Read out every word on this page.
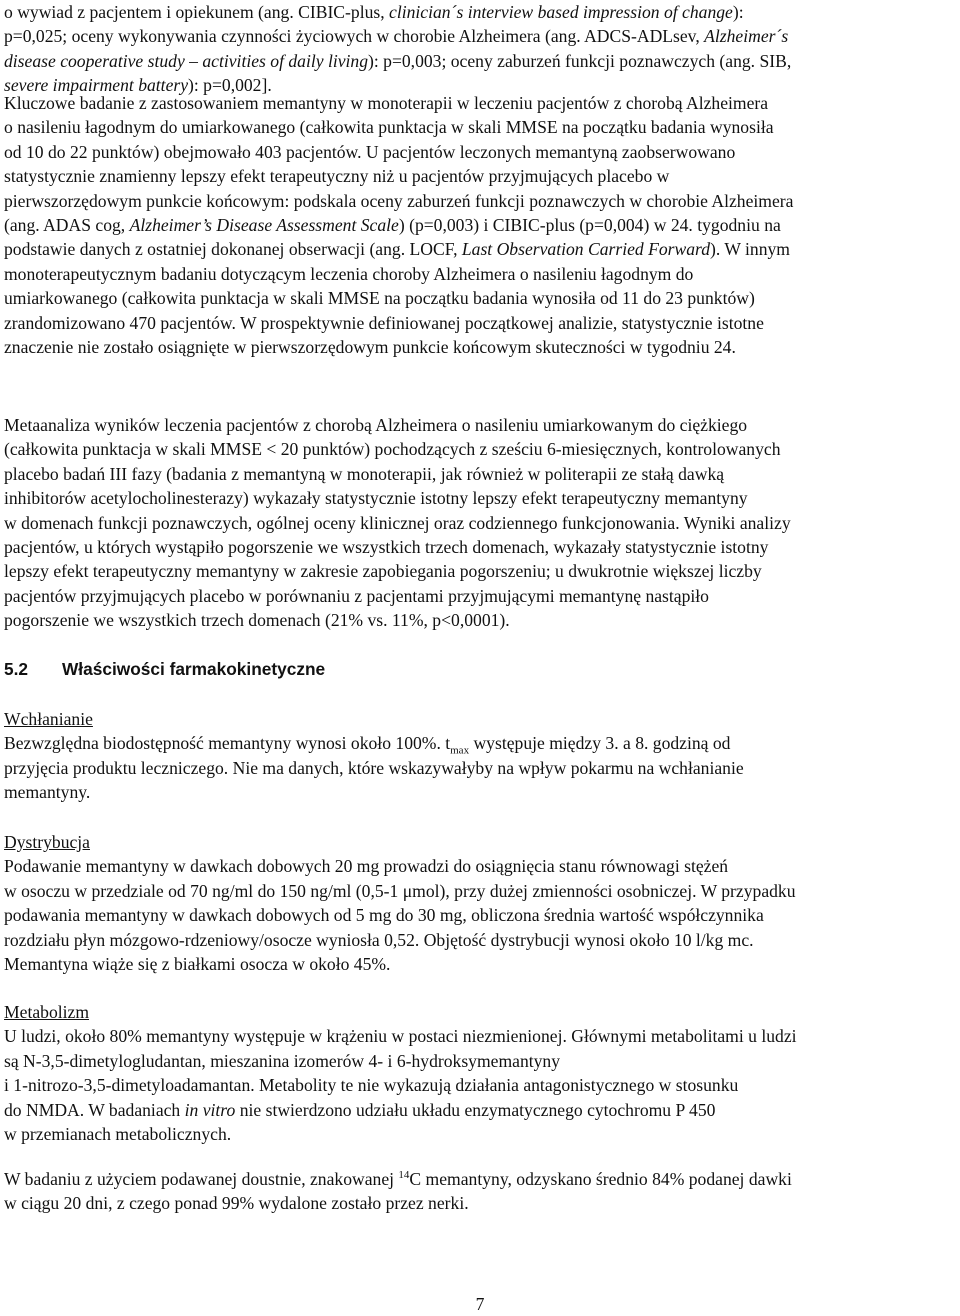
o wywiad z pacjentem i opiekunem (ang. CIBIC-plus, clinician´s interview based impression of change):
p=0,025; oceny wykonywania czynności życiowych w chorobie Alzheimera (ang. ADCS-ADLsev, Alzheimer´s
disease cooperative study – activities of daily living): p=0,003; oceny zaburzeń funkcji poznawczych (ang. SIB,
severe impairment battery): p=0,002].
Kluczowe badanie z zastosowaniem memantyny w monoterapii w leczeniu pacjentów z chorobą Alzheimera
o nasileniu łagodnym do umiarkowanego (całkowita punktacja w skali MMSE na początku badania wynosiła
od 10 do 22 punktów) obejmowało 403 pacjentów. U pacjentów leczonych memantyną zaobserwowano
statystycznie znamienny lepszy efekt terapeutyczny niż u pacjentów przyjmujących placebo w
pierwszorzędowym punkcie końcowym: podskala oceny zaburzeń funkcji poznawczych w chorobie Alzheimera
(ang. ADAS cog, Alzheimer’s Disease Assessment Scale) (p=0,003) i CIBIC-plus (p=0,004) w 24. tygodniu na
podstawie danych z ostatniej dokonanej obserwacji (ang. LOCF, Last Observation Carried Forward). W innym
monoterapeutycznym badaniu dotyczącym leczenia choroby Alzheimera o nasileniu łagodnym do
umiarkowanego (całkowita punktacja w skali MMSE na początku badania wynosiła od 11 do 23 punktów)
zrandomizowano 470 pacjentów. W prospektywnie definiowanej początkowej analizie, statystycznie istotne
znaczenie nie zostało osiągnięte w pierwszorzędowym punkcie końcowym skuteczności w tygodniu 24.
Metaanaliza wyników leczenia pacjentów z chorobą Alzheimera o nasileniu umiarkowanym do ciężkiego
(całkowita punktacja w skali MMSE < 20 punktów) pochodzących z sześciu 6-miesięcznych, kontrolowanych
placebo badań III fazy (badania z memantyną w monoterapii, jak również w politerapii ze stałą dawką
inhibitorów acetylocholinesterazy) wykazały statystycznie istotny lepszy efekt terapeutyczny memantyny
w domenach funkcji poznawczych, ogólnej oceny klinicznej oraz codziennego funkcjonowania. Wyniki analizy
pacjentów, u których wystąpiło pogorszenie we wszystkich trzech domenach, wykazały statystycznie istotny
lepszy efekt terapeutyczny memantyny w zakresie zapobiegania pogorszeniu; u dwukrotnie większej liczby
pacjentów przyjmujących placebo w porównaniu z pacjentami przyjmującymi memantynę nastąpiło
pogorszenie we wszystkich trzech domenach (21% vs. 11%, p<0,0001).
5.2 Właściwości farmakokinetyczne
Wchłanianie
Bezwzględna biodostępność memantyny wynosi około 100%. $t_{max}$ występuje między 3. a 8. godziną od
przyjęcia produktu leczniczego. Nie ma danych, które wskazywałyby na wpływ pokarmu na wchłanianie
memantyny.
Dystrybucja
Podawanie memantyny w dawkach dobowych 20 mg prowadzi do osiągnięcia stanu równowagi stężeń
w osoczu w przedziale od 70 ng/ml do 150 ng/ml (0,5-1 μmol), przy dużej zmienności osobniczej. W przypadku
podawania memantyny w dawkach dobowych od 5 mg do 30 mg, obliczona średnia wartość współczynnika
rozdziału płyn mózgowo-rdzeniowy/osocze wyniosła 0,52. Objętość dystrybucji wynosi około 10 l/kg mc.
Memantyna wiąże się z białkami osocza w około 45%.
Metabolizm
U ludzi, około 80% memantyny występuje w krążeniu w postaci niezmienionej. Głównymi metabolitami u ludzi
są N-3,5-dimetylogludantan, mieszanina izomerów 4- i 6-hydroksymemantyny
i 1-nitrozo-3,5-dimetyloadamantan. Metabolity te nie wykazują działania antagonistycznego w stosunku
do NMDA. W badaniach in vitro nie stwierdzono udziału układu enzymatycznego cytochromu P 450
w przemianach metabolicznych.
W badaniu z użyciem podawanej doustnie, znakowanej $^{14}$C memantyny, odzyskano średnio 84% podanej dawki
w ciągu 20 dni, z czego ponad 99% wydalone zostało przez nerki.
7
